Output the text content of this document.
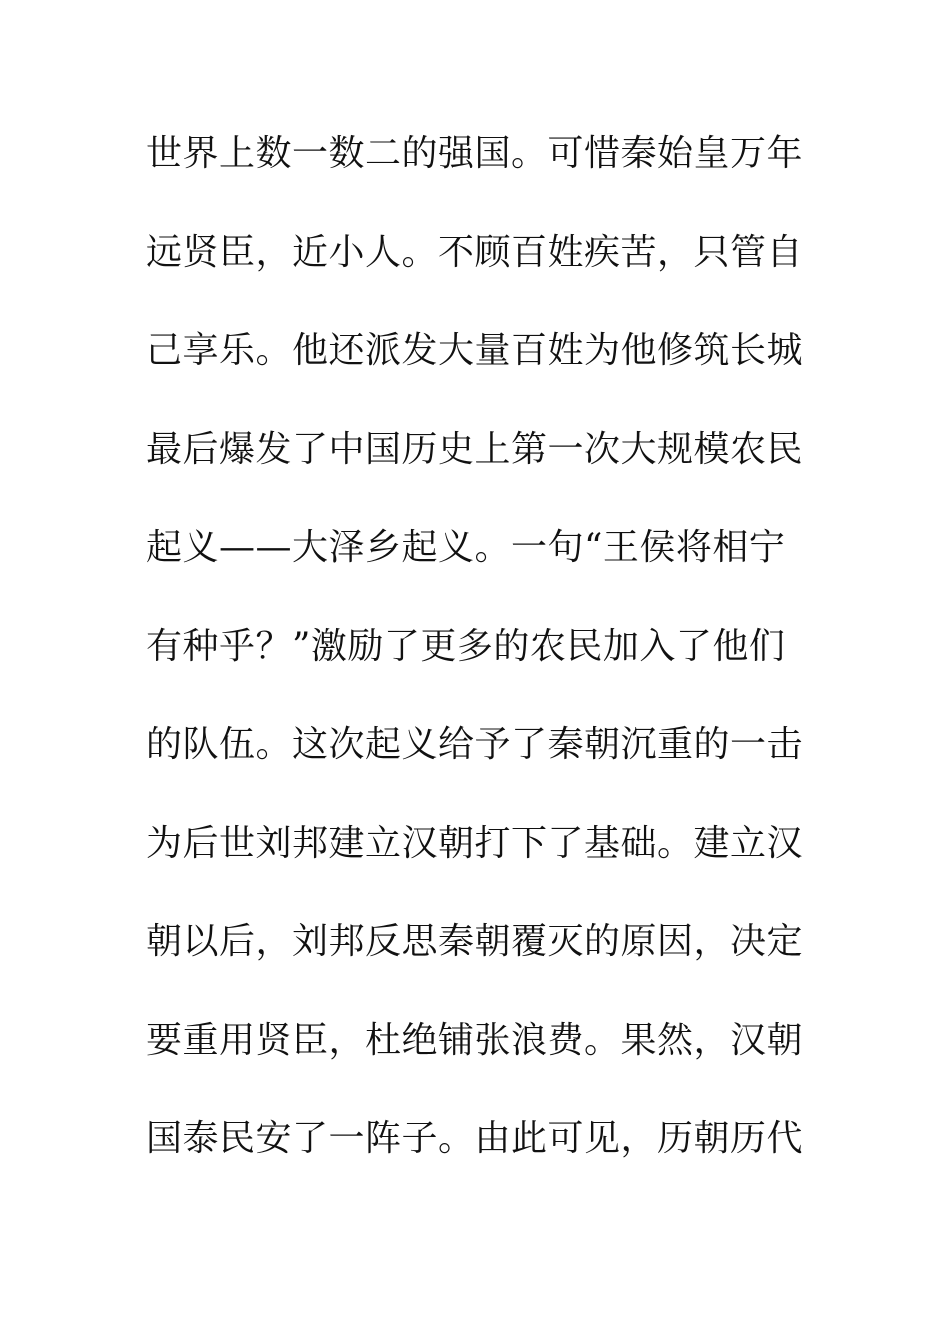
世界上数一数二的强国。可惜秦始皇万年
远贤臣，近小人。不顾百姓疾苦，只管自
己享乐。他还派发大量百姓为他修筑长城
最后爆发了中国历史上第一次大规模农民
起义——大泽乡起义。一句“王侯将相宁
有种乎？”激励了更多的农民加入了他们
的队伍。这次起义给予了秦朝沉重的一击
为后世刘邦建立汉朝打下了基础。建立汉
朝以后，刘邦反思秦朝覆灭的原因，决定
要重用贤臣，杜绝铺张浪费。果然，汉朝
国泰民安了一阵子。由此可见，历朝历代
